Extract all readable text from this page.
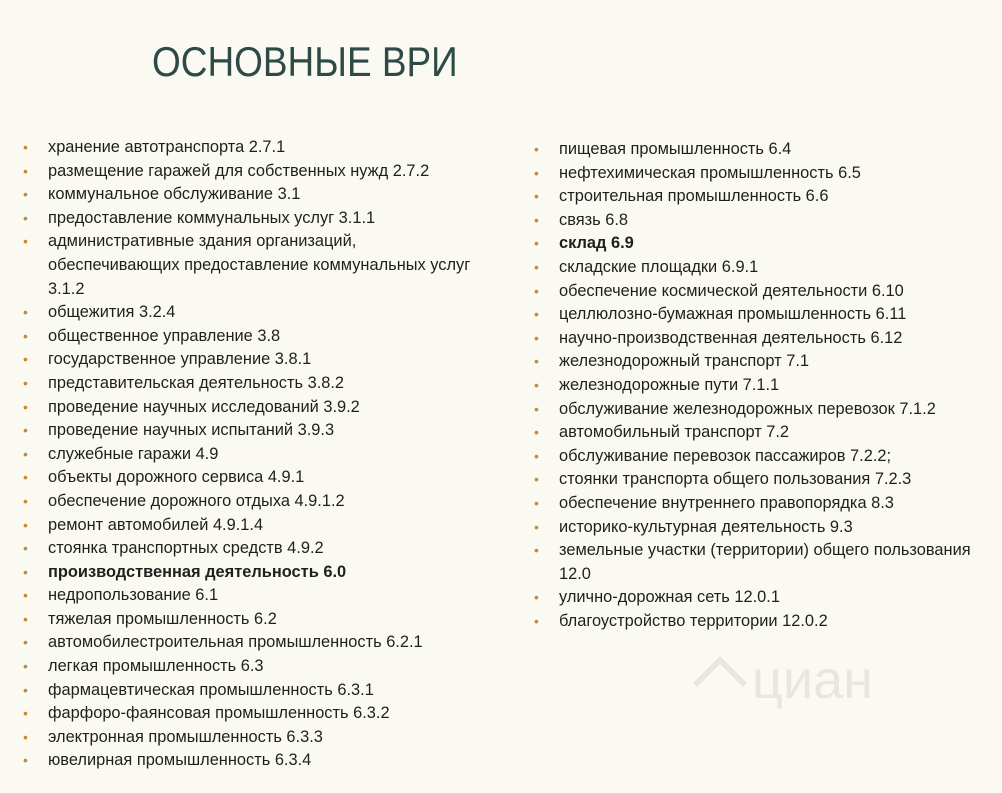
ОСНОВНЫЕ ВРИ
• хранение автотранспорта 2.7.1
• размещение гаражей для собственных нужд 2.7.2
• коммунальное обслуживание 3.1
• предоставление коммунальных услуг 3.1.1
• административные здания организаций, обеспечивающих предоставление коммунальных услуг 3.1.2
• общежития 3.2.4
• общественное управление 3.8
• государственное управление 3.8.1
• представительская деятельность 3.8.2
• проведение научных исследований 3.9.2
• проведение научных испытаний 3.9.3
• служебные гаражи 4.9
• объекты дорожного сервиса 4.9.1
• обеспечение дорожного отдыха 4.9.1.2
• ремонт автомобилей 4.9.1.4
• стоянка транспортных средств 4.9.2
• производственная деятельность 6.0
• недропользование 6.1
• тяжелая промышленность 6.2
• автомобилестроительная промышленность 6.2.1
• легкая промышленность 6.3
• фармацевтическая промышленность 6.3.1
• фарфоро-фаянсовая промышленность 6.3.2
• электронная промышленность 6.3.3
• ювелирная промышленность 6.3.4
• пищевая промышленность 6.4
• нефтехимическая промышленность 6.5
• строительная промышленность 6.6
• связь 6.8
• склад 6.9
• складские площадки 6.9.1
• обеспечение космической деятельности 6.10
• целлюлозно-бумажная промышленность 6.11
• научно-производственная деятельность 6.12
• железнодорожный транспорт 7.1
• железнодорожные пути 7.1.1
• обслуживание железнодорожных перевозок 7.1.2
• автомобильный транспорт 7.2
• обслуживание перевозок пассажиров 7.2.2;
• стоянки транспорта общего пользования 7.2.3
• обеспечение внутреннего правопорядка 8.3
• историко-культурная деятельность 9.3
• земельные участки (территории) общего пользования 12.0
• улично-дорожная сеть 12.0.1
• благоустройство территории 12.0.2
циан
